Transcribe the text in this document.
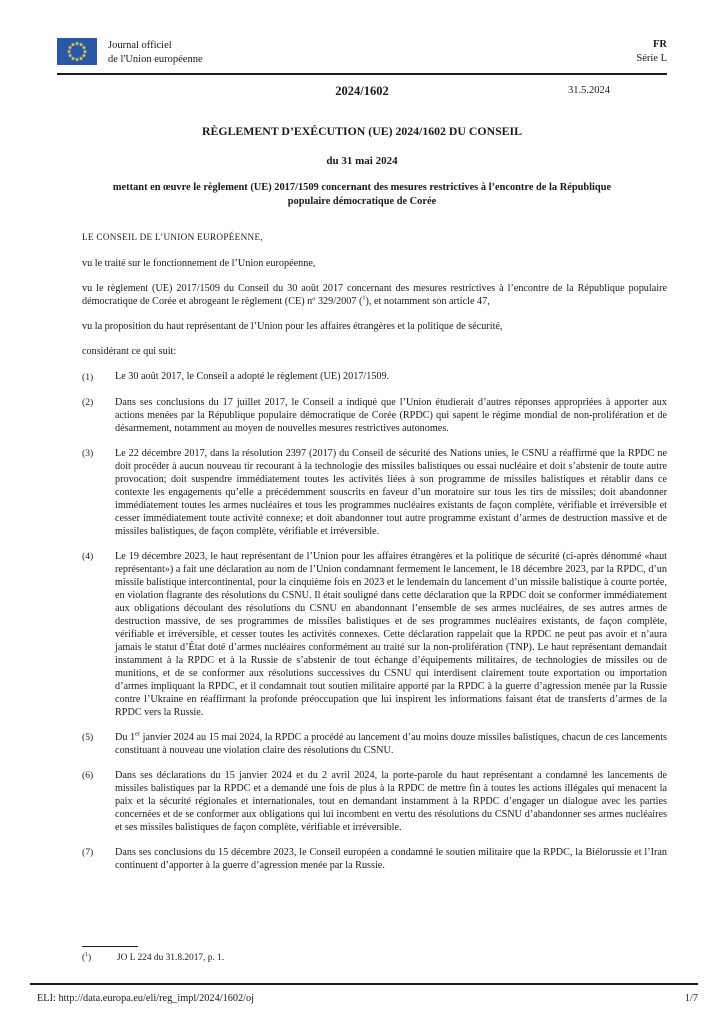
Journal officiel
de l'Union européenne
FR
Série L
2024/1602	31.5.2024
RÈGLEMENT D’EXÉCUTION (UE) 2024/1602 DU CONSEIL
du 31 mai 2024
mettant en œuvre le règlement (UE) 2017/1509 concernant des mesures restrictives à l’encontre de la République populaire démocratique de Corée

LE CONSEIL DE L’UNION EUROPÉENNE,

vu le traité sur le fonctionnement de l’Union européenne,

vu le règlement (UE) 2017/1509 du Conseil du 30 août 2017 concernant des mesures restrictives à l’encontre de la République populaire démocratique de Corée et abrogeant le règlement (CE) nº 329/2007 ($^1$), et notamment son article 47,

vu la proposition du haut représentant de l’Union pour les affaires étrangères et la politique de sécurité,

considérant ce qui suit:

(1)	Le 30 août 2017, le Conseil a adopté le règlement (UE) 2017/1509.
(2)	Dans ses conclusions du 17 juillet 2017, le Conseil a indiqué que l’Union étudierait d’autres réponses appropriées à apporter aux actions menées par la République populaire démocratique de Corée (RPDC) qui sapent le régime mondial de non-prolifération et de désarmement, notamment au moyen de nouvelles mesures restrictives autonomes.
(3)	Le 22 décembre 2017, dans la résolution 2397 (2017) du Conseil de sécurité des Nations unies, le CSNU a réaffirmé que la RPDC ne doit procéder à aucun nouveau tir recourant à la technologie des missiles balistiques ou essai nucléaire et doit s’abstenir de toute autre provocation; doit suspendre immédiatement toutes les activités liées à son programme de missiles balistiques et rétablir dans ce contexte les engagements qu’elle a précédemment souscrits en faveur d’un moratoire sur tous les tirs de missiles; doit abandonner immédiatement toutes les armes nucléaires et tous les programmes nucléaires existants de façon complète, vérifiable et irréversible et cesser immédiatement toute activité connexe; et doit abandonner tout autre programme existant d’armes de destruction massive et de missiles balistiques, de façon complète, vérifiable et irréversible.
(4)	Le 19 décembre 2023, le haut représentant de l’Union pour les affaires étrangères et la politique de sécurité (ci-après dénommé «haut représentant») a fait une déclaration au nom de l’Union condamnant fermement le lancement, le 18 décembre 2023, par la RPDC, d’un missile balistique intercontinental, pour la cinquième fois en 2023 et le lendemain du lancement d’un missile balistique à courte portée, en violation flagrante des résolutions du CSNU. Il était souligné dans cette déclaration que la RPDC doit se conformer immédiatement aux obligations découlant des résolutions du CSNU en abandonnant l’ensemble de ses armes nucléaires, de ses autres armes de destruction massive, de ses programmes de missiles balistiques et de ses programmes nucléaires existants, de façon complète, vérifiable et irréversible, et cesser toutes les activités connexes. Cette déclaration rappelait que la RPDC ne peut pas avoir et n’aura jamais le statut d’État doté d’armes nucléaires conformément au traité sur la non-prolifération (TNP). Le haut représentant demandait instamment à la RPDC et à la Russie de s’abstenir de tout échange d’équipements militaires, de technologies de missiles ou de munitions, et de se conformer aux résolutions successives du CSNU qui interdisent clairement toute exportation ou importation d’armes impliquant la RPDC, et il condamnait tout soutien militaire apporté par la RPDC à la guerre d’agression menée par la Russie contre l’Ukraine en réaffirmant la profonde préoccupation que lui inspirent les informations faisant état de transferts d’armes de la RPDC vers la Russie.
(5)	Du 1er janvier 2024 au 15 mai 2024, la RPDC a procédé au lancement d’au moins douze missiles balistiques, chacun de ces lancements constituant à nouveau une violation claire des résolutions du CSNU.
(6)	Dans ses déclarations du 15 janvier 2024 et du 2 avril 2024, la porte-parole du haut représentant a condamné les lancements de missiles balistiques par la RPDC et a demandé une fois de plus à la RPDC de mettre fin à toutes les actions illégales qui menacent la paix et la sécurité régionales et internationales, tout en demandant instamment à la RPDC d’engager un dialogue avec les parties concernées et de se conformer aux obligations qui lui incombent en vertu des résolutions du CSNU d’abandonner ses armes nucléaires et ses missiles balistiques de façon complète, vérifiable et irréversible.
(7)	Dans ses conclusions du 15 décembre 2023, le Conseil européen a condamné le soutien militaire que la RPDC, la Biélorussie et l’Iran continuent d’apporter à la guerre d’agression menée par la Russie.
($^1$)	JO L 224 du 31.8.2017, p. 1.
ELI: http://data.europa.eu/eli/reg_impl/2024/1602/oj	1/7
